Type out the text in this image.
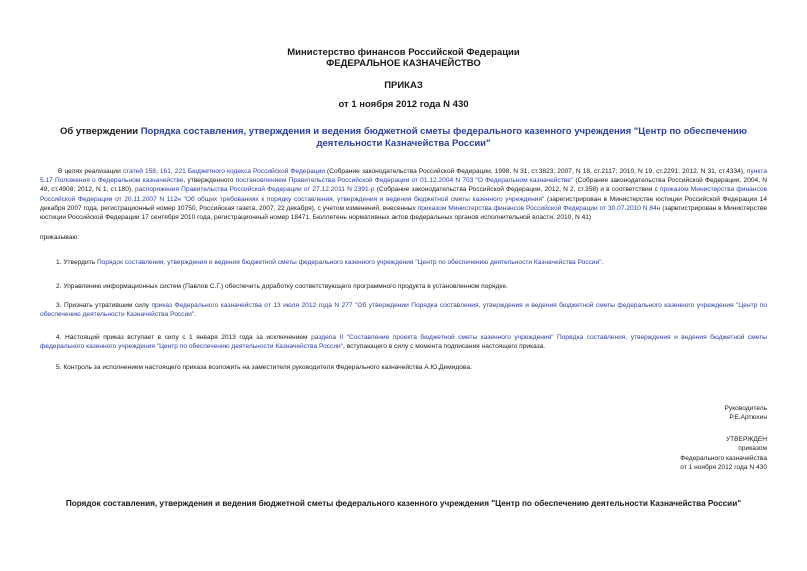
Министерство финансов Российской Федерации
ФЕДЕРАЛЬНОЕ КАЗНАЧЕЙСТВО
ПРИКАЗ
от 1 ноября 2012 года N 430
Об утверждении Порядка составления, утверждения и ведения бюджетной сметы федерального казенного учреждения "Центр по обеспечению деятельности Казначейства России"
В целях реализации статей 158, 161, 221 Бюджетного кодекса Российской Федерации (Собрание законодательства Российской Федерации, 1998, N 31, ст.3823; 2007, N 18, ст.2117; 2010, N 19, ст.2291; 2012, N 31, ст.4334), пункта 5.17 Положения о Федеральном казначействе, утвержденного постановлением Правительства Российской Федерации от 01.12.2004 N 703 "О Федеральном казначействе" (Собрание законодательства Российской Федерации, 2004, N 49, ст.4908; 2012, N 1, ст.180), распоряжения Правительства Российской Федерации от 27.12.2011 N 2391-р (Собрание законодательства Российской Федерации, 2012, N 2, ст.358) и в соответствии с приказом Министерства финансов Российской Федерации от 20.11.2007 N 112н "Об общих требованиях к порядку составления, утверждения и ведения бюджетной сметы казенного учреждения" (зарегистрирован в Министерстве юстиции Российской Федерации 14 декабря 2007 года, регистрационный номер 10750, Российская газета, 2007, 22 декабря), с учетом изменений, внесенных приказом Министерства финансов Российской Федерации от 30.07.2010 N 84н (зарегистрирован в Министерстве юстиции Российской Федерации 17 сентября 2010 года, регистрационный номер 18471, Бюллетень нормативных актов федеральных органов исполнительной власти, 2010, N 41)
приказываю:
1. Утвердить Порядок составления, утверждения и ведения бюджетной сметы федерального казенного учреждения "Центр по обеспечению деятельности Казначейства России".
2. Управлению информационных систем (Павлов С.Г.) обеспечить доработку соответствующего программного продукта в установленном порядке.
3. Признать утратившим силу приказ Федерального казначейства от 13 июля 2012 года N 277 "Об утверждении Порядка составления, утверждения и ведения бюджетной сметы федерального казенного учреждения "Центр по обеспечению деятельности Казначейства России".
4. Настоящий приказ вступает в силу с 1 января 2013 года за исключением раздела II "Составление проекта бюджетной сметы казенного учреждения" Порядка составления, утверждения и ведения бюджетной сметы федерального казенного учреждения "Центр по обеспечению деятельности Казначейства России", вступающего в силу с момента подписания настоящего приказа.
5. Контроль за исполнением настоящего приказа возложить на заместителя руководителя Федерального казначейства А.Ю.Демидова.
Руководитель
Р.Е.Артюхин
УТВЕРЖДЕН
приказом
Федерального казначейства
от 1 ноября 2012 года N 430
Порядок составления, утверждения и ведения бюджетной сметы федерального казенного учреждения "Центр по обеспечению деятельности Казначейства России"
